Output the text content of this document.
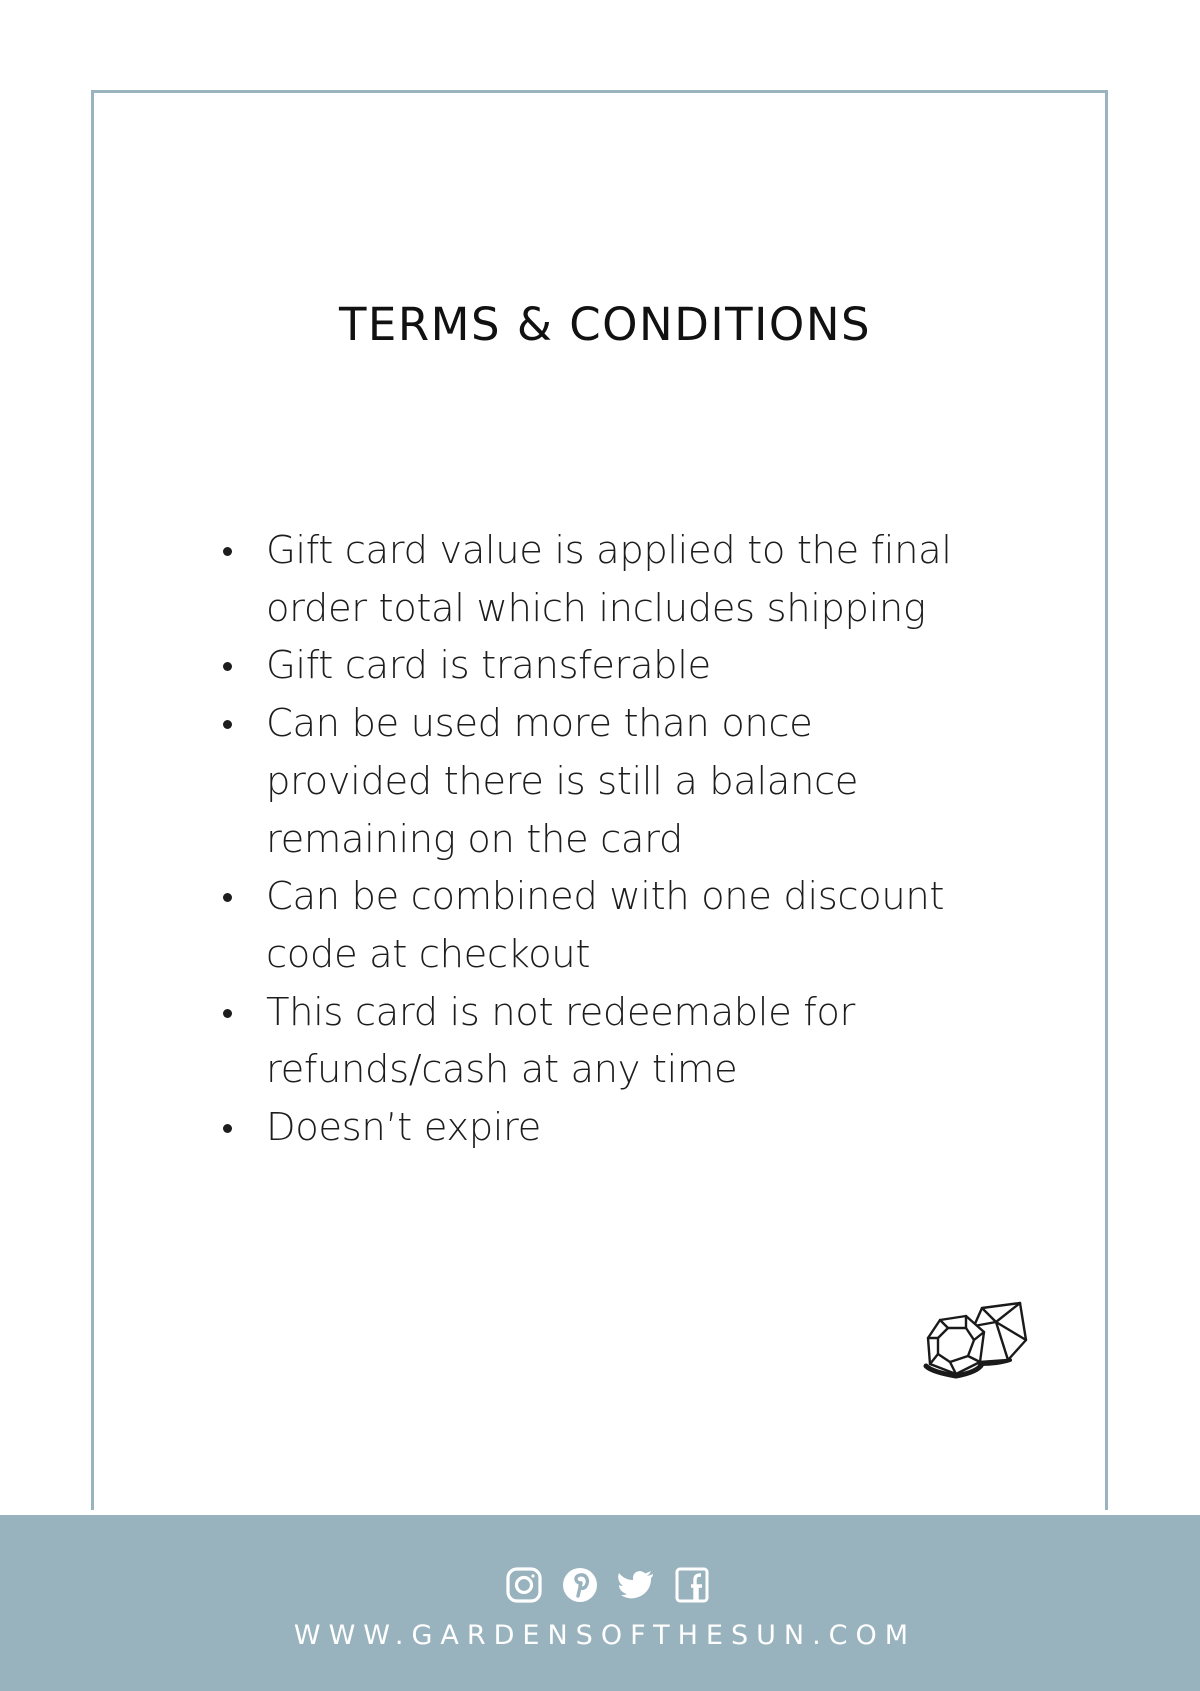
TERMS & CONDITIONS
Gift card value is applied to the final
order total which includes shipping
Gift card is transferable
Can be used more than once
provided there is still a balance
remaining on the card
Can be combined with one discount
code at checkout
This card is not redeemable for
refunds/cash at any time
Doesn’t expire
WWW.GARDENSOFTHESUN.COM
